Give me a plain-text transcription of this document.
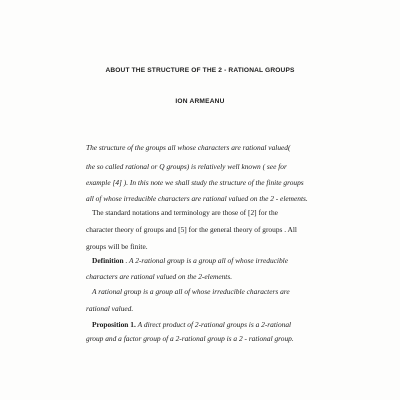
ABOUT THE STRUCTURE OF THE 2 - RATIONAL GROUPS
ION ARMEANU
The structure of the groups all whose characters are rational valued(
the so called rational or Q groups) is relatively well known ( see for
example [4] ). In this note we shall study the structure of the finite groups
all of whose irreducible characters are rational valued on the 2 - elements.
The standard notations and terminology are those of [2] for the
character theory of groups and [5] for the general theory of groups . All
groups will be finite.
Definition . A 2-rational group is a group all of whose irreducible
characters are rational valued on the 2-elements.
A rational group is a group all of whose irreducible characters are
rational valued.
Proposition 1. A direct product of 2-rational groups is a 2-rational
group and a factor group of a 2-rational group is a 2 - rational group.
